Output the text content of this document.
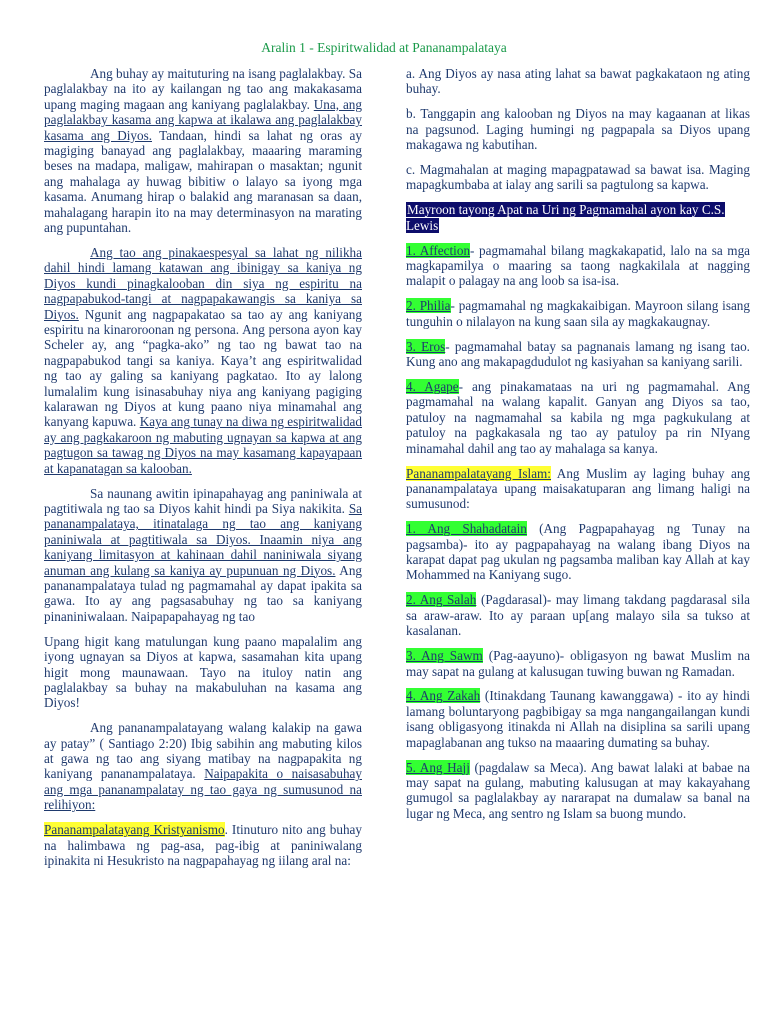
Aralin 1 - Espiritwalidad at Pananampalataya

Ang buhay ay maituturing na isang paglalakbay. Sa paglalakbay na ito ay kailangan ng tao ang makakasama upang maging magaan ang kaniyang paglalakbay. Una, ang paglalakbay kasama ang kapwa at ikalawa ang paglalakbay kasama ang Diyos. Tandaan, hindi sa lahat ng oras ay magiging banayad ang paglalakbay, maaaring maraming beses na madapa, maligaw, mahirapan o masaktan; ngunit ang mahalaga ay huwag bibitiw o lalayo sa iyong mga kasama. Anumang hirap o balakid ang maranasan sa daan, mahalagang harapin ito na may determinasyon na marating ang pupuntahan.

Ang tao ang pinakaespesyal sa lahat ng nilikha dahil hindi lamang katawan ang ibinigay sa kaniya ng Diyos kundi pinagkalooban din siya ng espiritu na nagpapabukod-tangi at nagpapakawangis sa kaniya sa Diyos. Ngunit ang nagpapakatao sa tao ay ang kaniyang espiritu na kinaroroonan ng persona. Ang persona ayon kay Scheler ay, ang “pagka-ako” ng tao ng bawat tao na nagpapabukod tangi sa kaniya. Kaya’t ang espiritwalidad ng tao ay galing sa kaniyang pagkatao. Ito ay lalong lumalalim kung isinasabuhay niya ang kaniyang pagiging kalarawan ng Diyos at kung paano niya minamahal ang kanyang kapuwa. Kaya ang tunay na diwa ng espiritwalidad ay ang pagkakaroon ng mabuting ugnayan sa kapwa at ang pagtugon sa tawag ng Diyos na may kasamang kapayapaan at kapanatagan sa kalooban.

Sa naunang awitin ipinapahayag ang paniniwala at pagtitiwala ng tao sa Diyos kahit hindi pa Siya nakikita. Sa pananampalataya, itinatalaga ng tao ang kaniyang paniniwala at pagtitiwala sa Diyos. Inaamin niya ang kaniyang limitasyon at kahinaan dahil naniniwala siyang anuman ang kulang sa kaniya ay pupunuan ng Diyos. Ang pananampalataya tulad ng pagmamahal ay dapat ipakita sa gawa. Ito ay ang pagsasabuhay ng tao sa kaniyang pinaniniwalaan. Naipapapahayag ng tao

Upang higit kang matulungan kung paano mapalalim ang iyong ugnayan sa Diyos at kapwa, sasamahan kita upang higit mong maunawaan. Tayo na ituloy natin ang paglalakbay sa buhay na makabuluhan na kasama ang Diyos!

Ang pananampalatayang walang kalakip na gawa ay patay” ( Santiago 2:20) Ibig sabihin ang mabuting kilos at gawa ng tao ang siyang matibay na nagpapakita ng kaniyang pananampalataya. Naipapakita o naisasabuhay ang mga pananampalatay ng tao gaya ng sumusunod na relihiyon:

Pananampalatayang Kristyanismo. Itinuturo nito ang buhay na halimbawa ng pag-asa, pag-ibig at paniniwalang ipinakita ni Hesukristo na nagpapahayag ng iilang aral na:

a. Ang Diyos ay nasa ating lahat sa bawat pagkakataon ng ating buhay.

b. Tanggapin ang kalooban ng Diyos na may kagaanan at likas na pagsunod. Laging humingi ng pagpapala sa Diyos upang makagawa ng kabutihan.

c. Magmahalan at maging mapagpatawad sa bawat isa. Maging mapagkumbaba at ialay ang sarili sa pagtulong sa kapwa.

Mayroon tayong Apat na Uri ng Pagmamahal ayon kay C.S. Lewis

1. Affection- pagmamahal bilang magkakapatid, lalo na sa mga magkapamilya o maaring sa taong nagkakilala at nagging malapit o palagay na ang loob sa isa-isa.

2. Philia- pagmamahal ng magkakaibigan. Mayroon silang isang tunguhin o nilalayon na kung saan sila ay magkakaugnay.

3. Eros- pagmamahal batay sa pagnanais lamang ng isang tao. Kung ano ang makapagdudulot ng kasiyahan sa kaniyang sarili.

4. Agape- ang pinakamataas na uri ng pagmamahal. Ang pagmamahal na walang kapalit. Ganyan ang Diyos sa tao, patuloy na nagmamahal sa kabila ng mga pagkukulang at patuloy na pagkakasala ng tao ay patuloy pa rin NIyang minamahal dahil ang tao ay mahalaga sa kanya.

Pananampalatayang Islam: Ang Muslim ay laging buhay ang pananampalataya upang maisakatuparan ang limang haligi na sumusunod:

1. Ang Shahadatain (Ang Pagpapahayag ng Tunay na pagsamba)- ito ay pagpapahayag na walang ibang Diyos na karapat dapat pag ukulan ng pagsamba maliban kay Allah at kay Mohammed na Kaniyang sugo.

2. Ang Salah (Pagdarasal)- may limang takdang pagdarasal sila sa araw-araw. Ito ay paraan up[ang malayo sila sa tukso at kasalanan.

3. Ang Sawm (Pag-aayuno)- obligasyon ng bawat Muslim na may sapat na gulang at kalusugan tuwing buwan ng Ramadan.

4. Ang Zakah (Itinakdang Taunang kawanggawa) - ito ay hindi lamang boluntaryong pagbibigay sa mga nangangailangan kundi isang obligasyong itinakda ni Allah na disiplina sa sarili upang mapaglabanan ang tukso na maaaring dumating sa buhay.

5. Ang Hajj (pagdalaw sa Meca). Ang bawat lalaki at babae na may sapat na gulang, mabuting kalusugan at may kakayahang gumugol sa paglalakbay ay nararapat na dumalaw sa banal na lugar ng Meca, ang sentro ng Islam sa buong mundo.
